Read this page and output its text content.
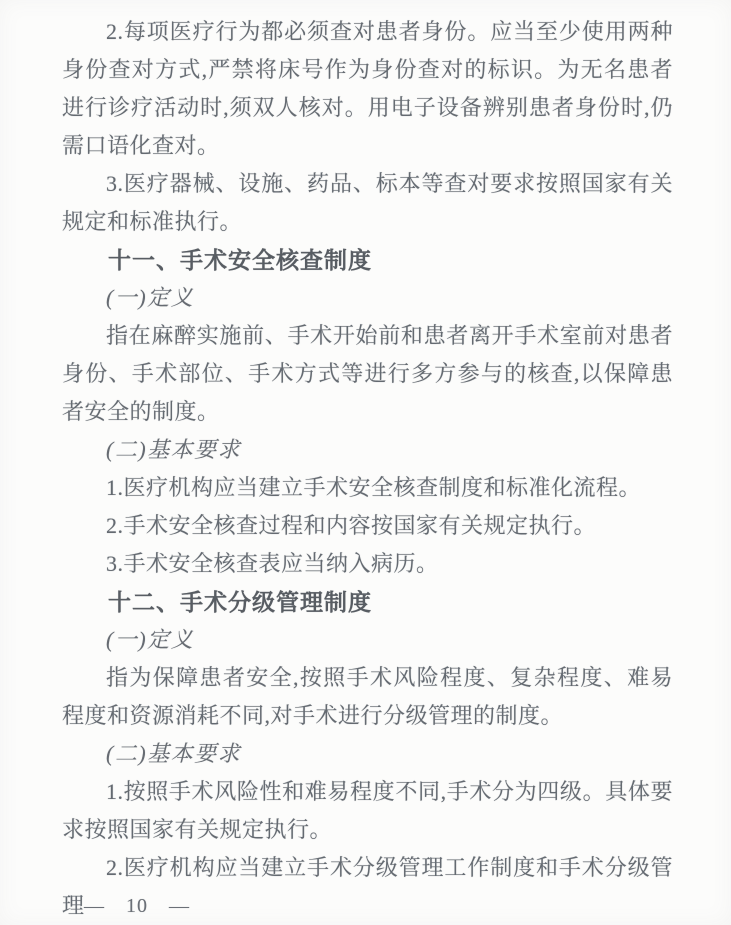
2.每项医疗行为都必须查对患者身份。应当至少使用两种身份查对方式,严禁将床号作为身份查对的标识。为无名患者进行诊疗活动时,须双人核对。用电子设备辨别患者身份时,仍需口语化查对。

3.医疗器械、设施、药品、标本等查对要求按照国家有关规定和标准执行。

十一、手术安全核查制度

(一)定义

指在麻醉实施前、手术开始前和患者离开手术室前对患者身份、手术部位、手术方式等进行多方参与的核查,以保障患者安全的制度。

(二)基本要求

1.医疗机构应当建立手术安全核查制度和标准化流程。

2.手术安全核查过程和内容按国家有关规定执行。

3.手术安全核查表应当纳入病历。

十二、手术分级管理制度

(一)定义

指为保障患者安全,按照手术风险程度、复杂程度、难易程度和资源消耗不同,对手术进行分级管理的制度。

(二)基本要求

1.按照手术风险性和难易程度不同,手术分为四级。具体要求按照国家有关规定执行。

2.医疗机构应当建立手术分级管理工作制度和手术分级管理 — 10 —
